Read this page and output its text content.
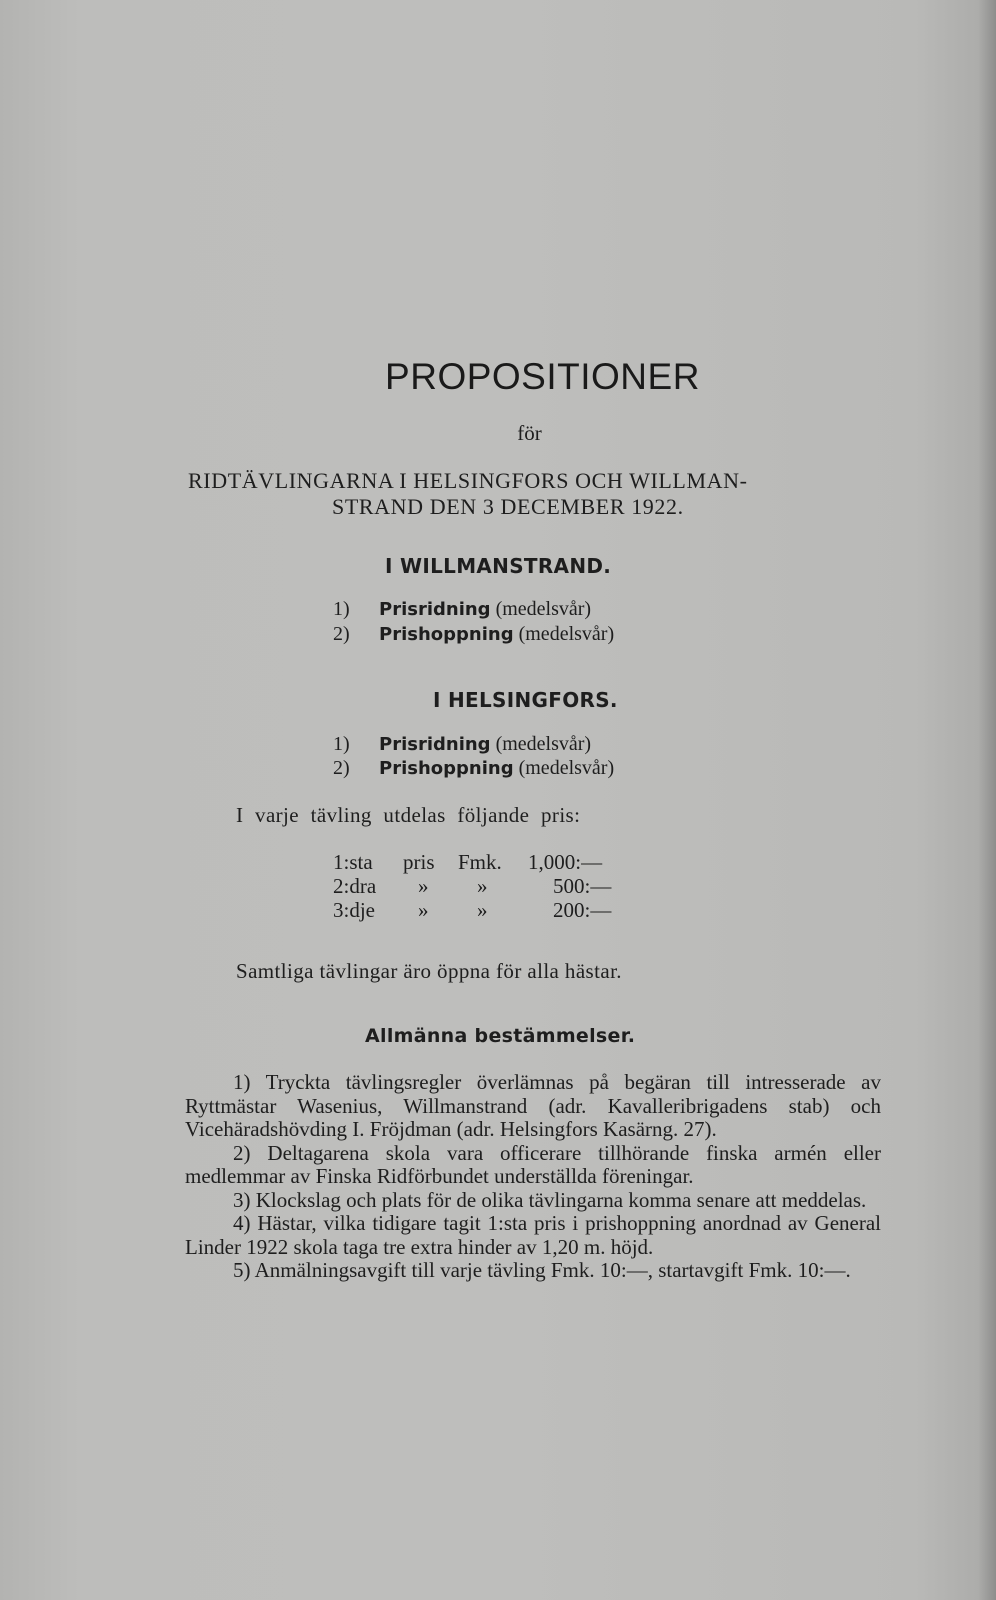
PROPOSITIONER
för
RIDTÄVLINGARNA I HELSINGFORS OCH WILLMAN-
STRAND DEN 3 DECEMBER 1922.
I WILLMANSTRAND.
1) Prisridning (medelsvår)
2) Prishoppning (medelsvår)
I HELSINGFORS.
1) Prisridning (medelsvår)
2) Prishoppning (medelsvår)
I varje tävling utdelas följande pris:
1:sta pris Fmk. 1,000:—
2:dra » »	500:—
3:dje » »	200:—
Samtliga tävlingar äro öppna för alla hästar.
Allmänna bestämmelser.

1) Tryckta tävlingsregler överlämnas på begäran till intresserade av Ryttmästar Wasenius, Willmanstrand (adr. Kavalleribrigadens stab) och Vicehäradshövding I. Fröjdman (adr. Helsingfors Kasärng. 27).

2) Deltagarena skola vara officerare tillhörande finska armén eller medlemmar av Finska Ridförbundet underställda föreningar.

3) Klockslag och plats för de olika tävlingarna komma senare att meddelas.

4) Hästar, vilka tidigare tagit 1:sta pris i prishoppning anordnad av General Linder 1922 skola taga tre extra hinder av 1,20 m. höjd.

5) Anmälningsavgift till varje tävling Fmk. 10:—, startavgift Fmk. 10:—.
